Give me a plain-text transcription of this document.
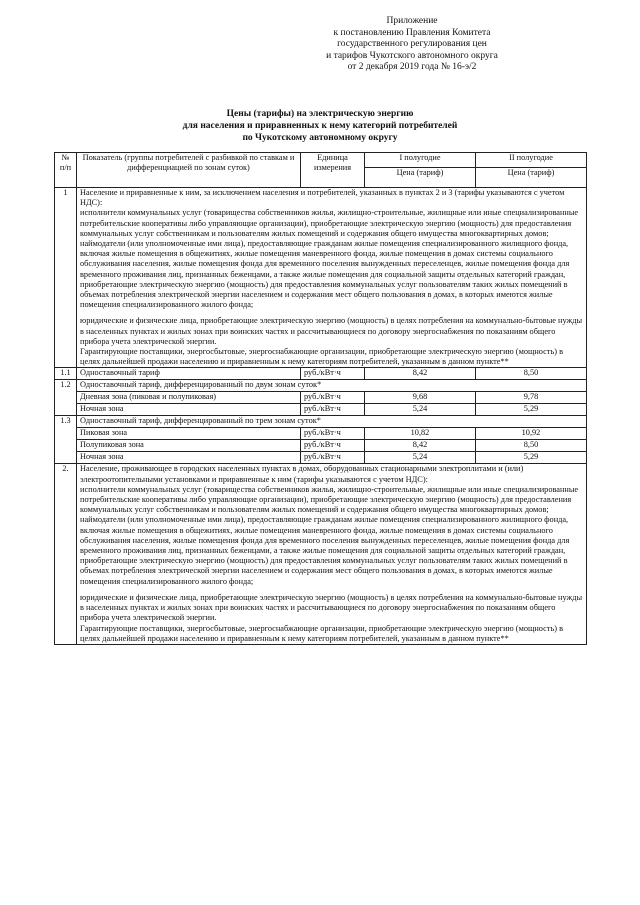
Приложение
к постановлению Правления Комитета
государственного регулирования цен
и тарифов Чукотского автономного округа
от 2 декабря 2019 года № 16-э/2
Цены (тарифы) на электрическую энергию
для населения и приравненных к нему категорий потребителей
по Чукотскому автономному округу
№ п/п	Показатель (группы потребителей с разбивкой по ставкам и дифференциацией по зонам суток)	Единица измерения	I полугодие	II полугодие
			Цена (тариф)	Цена (тариф)
1	Население и приравненные к ним, за исключением населения и потребителей, указанных в пунктах 2 и 3 (тарифы указываются с учетом НДС):

исполнители коммунальных услуг (товарищества собственников жилья, жилищно-строительные, жилищные или иные специализированные потребительские кооперативы либо управляющие организации), приобретающие электрическую энергию (мощность) для предоставления коммунальных услуг собственникам и пользователям жилых помещений и содержания общего имущества многоквартирных домов; наймодатели (или уполномоченные ими лица), предоставляющие гражданам жилые помещения специализированного жилищного фонда, включая жилые помещения в общежитиях, жилые помещения маневренного фонда, жилые помещения в домах системы социального обслуживания населения, жилые помещения фонда для временного поселения вынужденных переселенцев, жилые помещения фонда для временного проживания лиц, признанных беженцами, а также жилые помещения для социальной защиты отдельных категорий граждан, приобретающие электрическую энергию (мощность) для предоставления коммунальных услуг пользователям таких жилых помещений в объемах потребления электрической энергии населением и содержания мест общего пользования в домах, в которых имеются жилые помещения специализированного жилого фонда;

юридические и физические лица, приобретающие электрическую энергию (мощность) в целях потребления на коммунально-бытовые нужды в населенных пунктах и жилых зонах при воинских частях и рассчитывающиеся по договору энергоснабжения по показаниям общего прибора учета электрической энергии.

Гарантирующие поставщики, энергосбытовые, энергоснабжающие организации, приобретающие электрическую энергию (мощность) в целях дальнейшей продажи населению и приравненным к нему категориям потребителей, указанным в данном пункте**			

1.1	Одноставочный тариф	руб./кВт·ч	8,42	8,50
1.2	Одноставочный тариф, дифференцированный по двум зонам суток*			
	Дневная зона (пиковая и полупиковая)	руб./кВт·ч	9,68	9,78
	Ночная зона	руб./кВт·ч	5,24	5,29
1.3	Одноставочный тариф, дифференцированный по трем зонам суток*			
	Пиковая зона	руб./кВт·ч	10,82	10,92
	Полупиковая зона	руб./кВт·ч	8,42	8,50
	Ночная зона	руб./кВт·ч	5,24	5,29
2.	Население, проживающее в городских населенных пунктах в домах, оборудованных стационарными электроплитами и (или) электроотопительными установками и приравненные к ним (тарифы указываются с учетом НДС):

исполнители коммунальных услуг (товарищества собственников жилья, жилищно-строительные, жилищные или иные специализированные потребительские кооперативы либо управляющие организации), приобретающие электрическую энергию (мощность) для предоставления коммунальных услуг собственникам и пользователям жилых помещений и содержания общего имущества многоквартирных домов; наймодатели (или уполномоченные ими лица), предоставляющие гражданам жилые помещения специализированного жилищного фонда, включая жилые помещения в общежитиях, жилые помещения маневренного фонда, жилые помещения в домах системы социального обслуживания населения, жилые помещения фонда для временного поселения вынужденных переселенцев, жилые помещения фонда для временного проживания лиц, признанных беженцами, а также жилые помещения для социальной защиты отдельных категорий граждан, приобретающие электрическую энергию (мощность) для предоставления коммунальных услуг пользователям таких жилых помещений в объемах потребления электрической энергии населением и содержания мест общего пользования в домах, в которых имеются жилые помещения специализированного жилого фонда;

юридические и физические лица, приобретающие электрическую энергию (мощность) в целях потребления на коммунально-бытовые нужды в населенных пунктах и жилых зонах при воинских частях и рассчитывающиеся по договору энергоснабжения по показаниям общего прибора учета электрической энергии.

Гарантирующие поставщики, энергосбытовые, энергоснабжающие организации, приобретающие электрическую энергию (мощность) в целях дальнейшей продажи населению и приравненным к нему категориям потребителей, указанным в данном пункте**			
